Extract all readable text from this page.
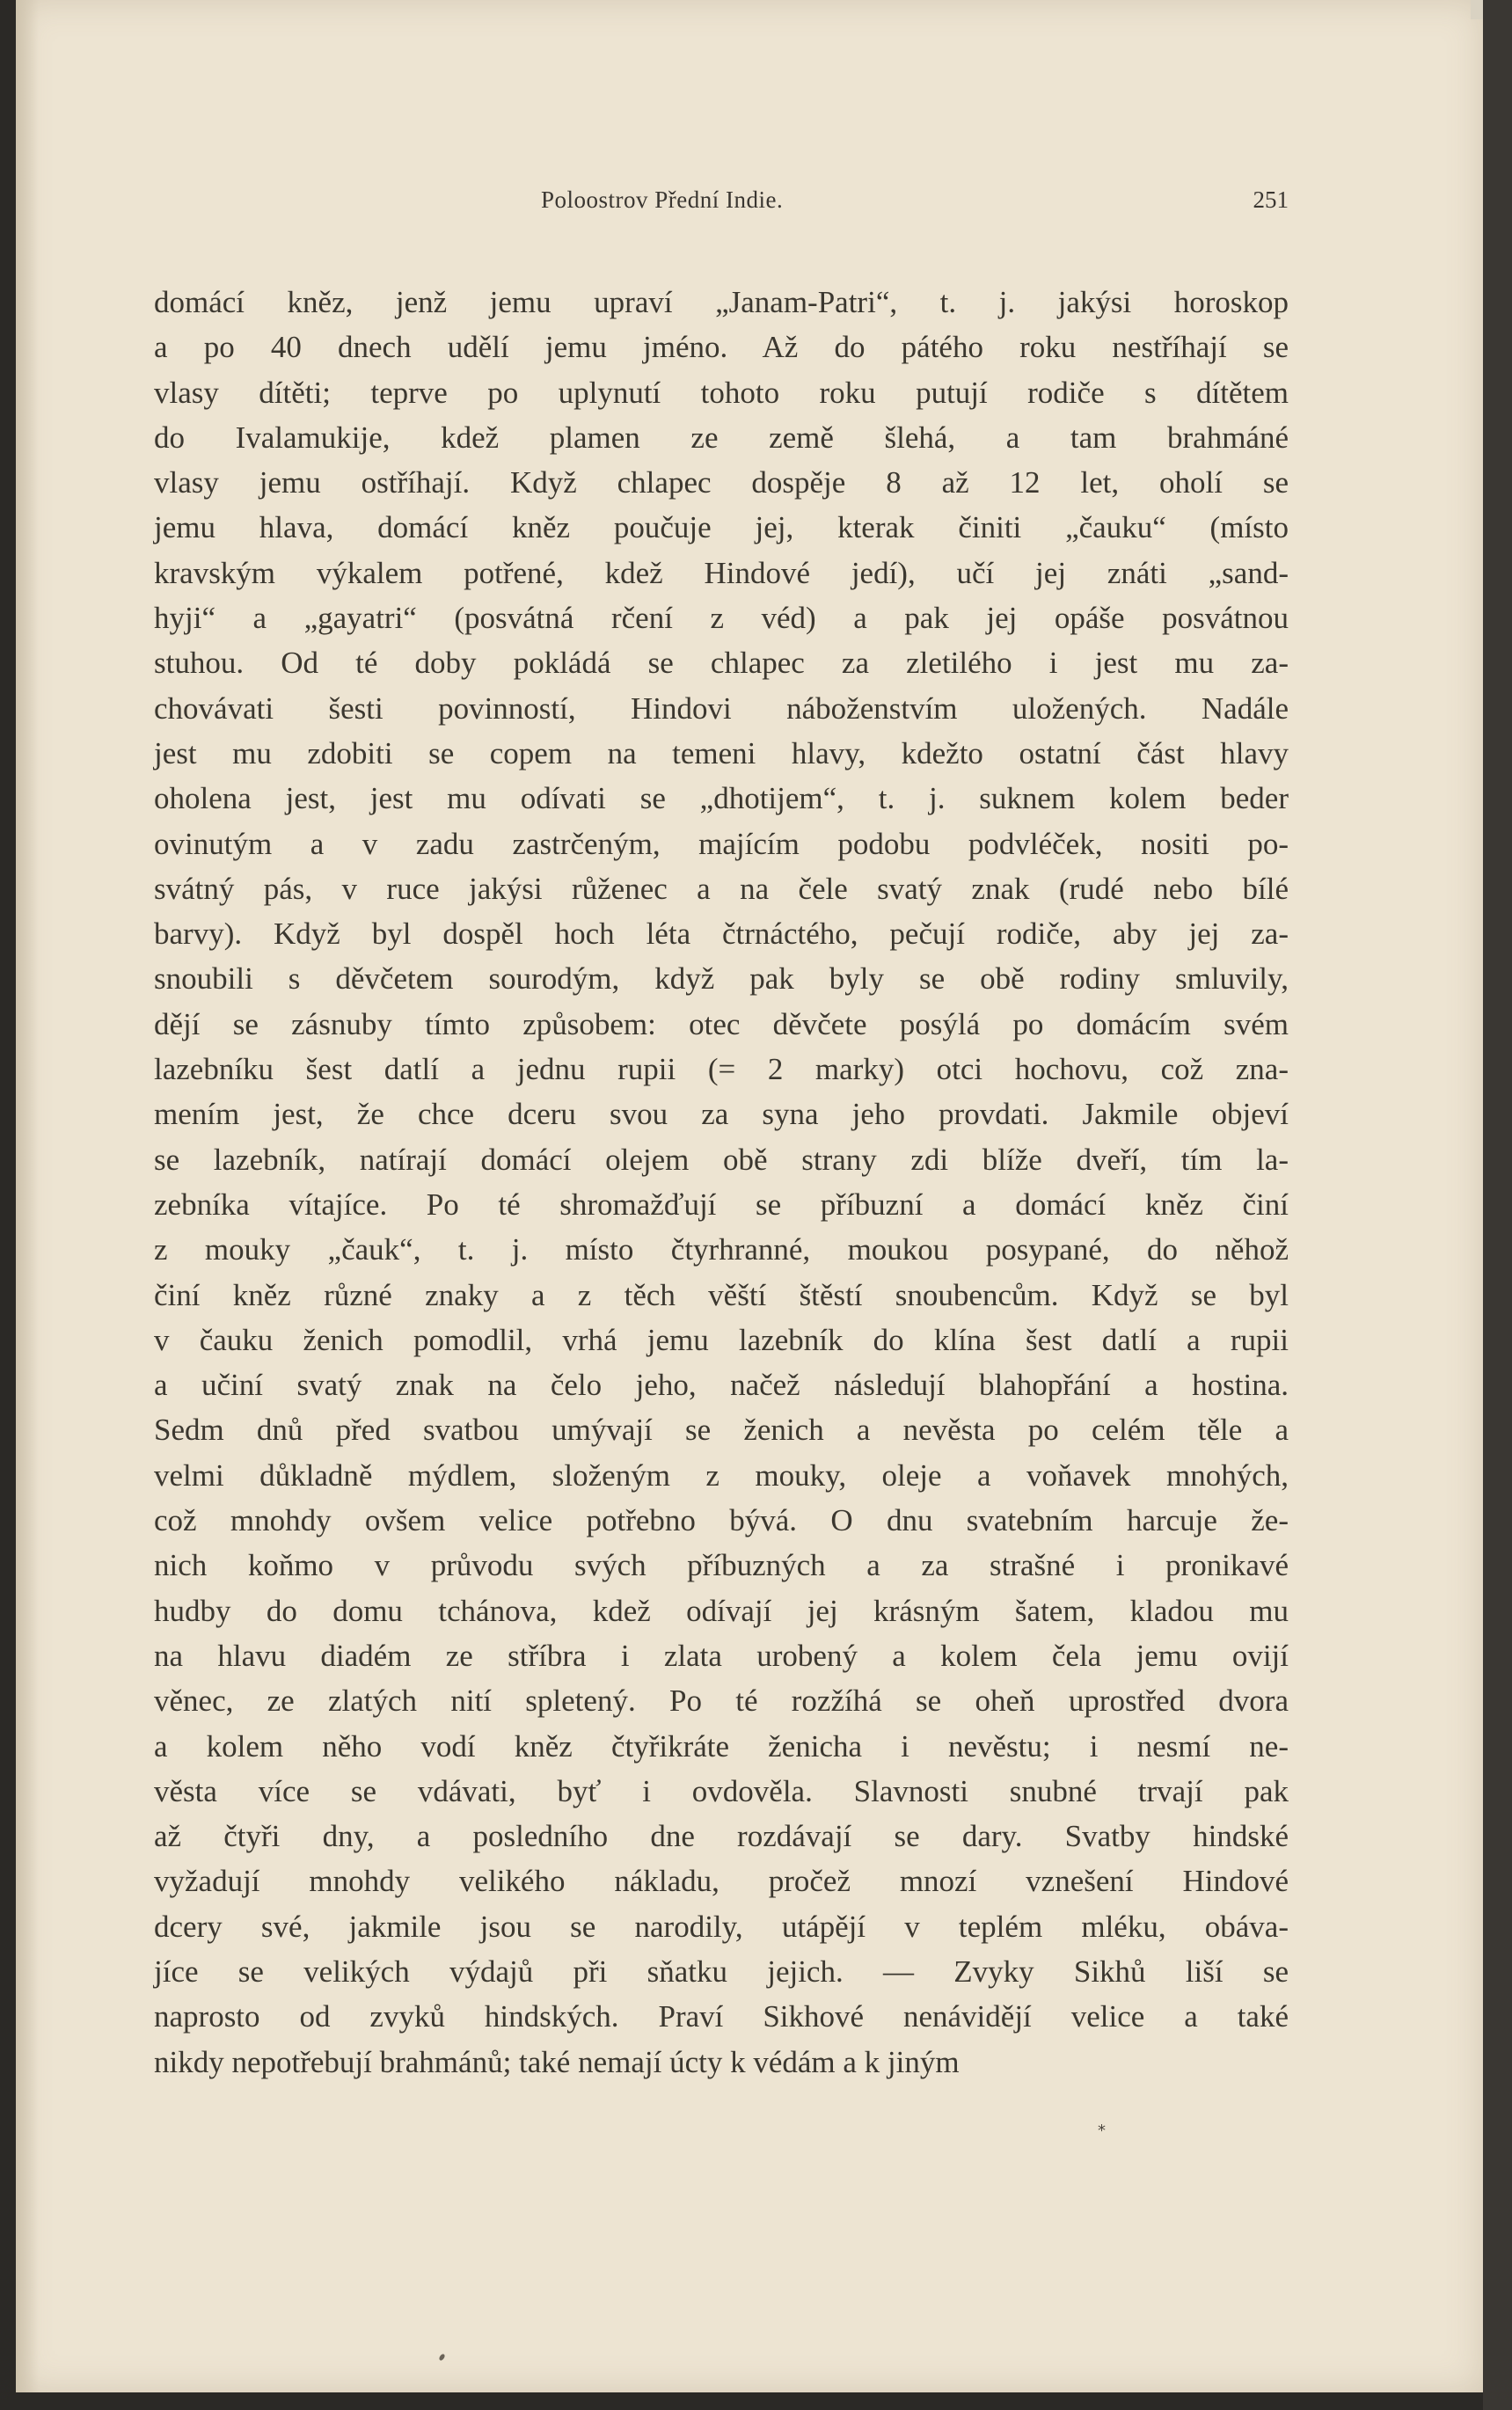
Poloostrov Přední Indie.	251
domácí kněz, jenž jemu upraví „Janam-Patri“, t. j. jakýsi horoskop
a po 40 dnech udělí jemu jméno. Až do pátého roku nestříhají se
vlasy dítěti; teprve po uplynutí tohoto roku putují rodiče s dítětem
do Ivalamukije, kdež plamen ze země šlehá, a tam brahmáné
vlasy jemu ostříhají. Když chlapec dospěje 8 až 12 let, oholí se
jemu hlava, domácí kněz poučuje jej, kterak činiti „čauku“ (místo
kravským výkalem potřené, kdež Hindové jedí), učí jej znáti „sand-
hyji“ a „gayatri“ (posvátná rčení z véd) a pak jej opáše posvátnou
stuhou. Od té doby pokládá se chlapec za zletilého i jest mu za-
chovávati šesti povinností, Hindovi náboženstvím uložených. Nadále
jest mu zdobiti se copem na temeni hlavy, kdežto ostatní část hlavy
oholena jest, jest mu odívati se „dhotijem“, t. j. suknem kolem beder
ovinutým a v zadu zastrčeným, majícím podobu podvléček, nositi po-
svátný pás, v ruce jakýsi růženec a na čele svatý znak (rudé nebo bílé
barvy). Když byl dospěl hoch léta čtrnáctého, pečují rodiče, aby jej za-
snoubili s děvčetem sourodým, když pak byly se obě rodiny smluvily,
dějí se zásnuby tímto způsobem: otec děvčete posýlá po domácím svém
lazebníku šest datlí a jednu rupii (= 2 marky) otci hochovu, což zna-
mením jest, že chce dceru svou za syna jeho provdati. Jakmile objeví
se lazebník, natírají domácí olejem obě strany zdi blíže dveří, tím la-
zebníka vítajíce. Po té shromažďují se příbuzní a domácí kněz činí
z mouky „čauk“, t. j. místo čtyrhranné, moukou posypané, do něhož
činí kněz různé znaky a z těch věští štěstí snoubencům. Když se byl
v čauku ženich pomodlil, vrhá jemu lazebník do klína šest datlí a rupii
a učiní svatý znak na čelo jeho, načež následují blahopřání a hostina.
Sedm dnů před svatbou umývají se ženich a nevěsta po celém těle a
velmi důkladně mýdlem, složeným z mouky, oleje a voňavek mnohých,
což mnohdy ovšem velice potřebno bývá. O dnu svatebním harcuje že-
nich koňmo v průvodu svých příbuzných a za strašné i pronikavé
hudby do domu tchánova, kdež odívají jej krásným šatem, kladou mu
na hlavu diadém ze stříbra i zlata urobený a kolem čela jemu ovijí
věnec, ze zlatých nití spletený. Po té rozžíhá se oheň uprostřed dvora
a kolem něho vodí kněz čtyřikráte ženicha i nevěstu; i nesmí ne-
věsta více se vdávati, byť i ovdověla. Slavnosti snubné trvají pak
až čtyři dny, a posledního dne rozdávají se dary. Svatby hindské
vyžadují mnohdy velikého nákladu, pročež mnozí vznešení Hindové
dcery své, jakmile jsou se narodily, utápějí v teplém mléku, obáva-
jíce se velikých výdajů při sňatku jejich. — Zvyky Sikhů liší se
naprosto od zvyků hindských. Praví Sikhové nenávidějí velice a také
nikdy nepotřebují brahmánů; také nemají úcty k védám a k jiným
*
